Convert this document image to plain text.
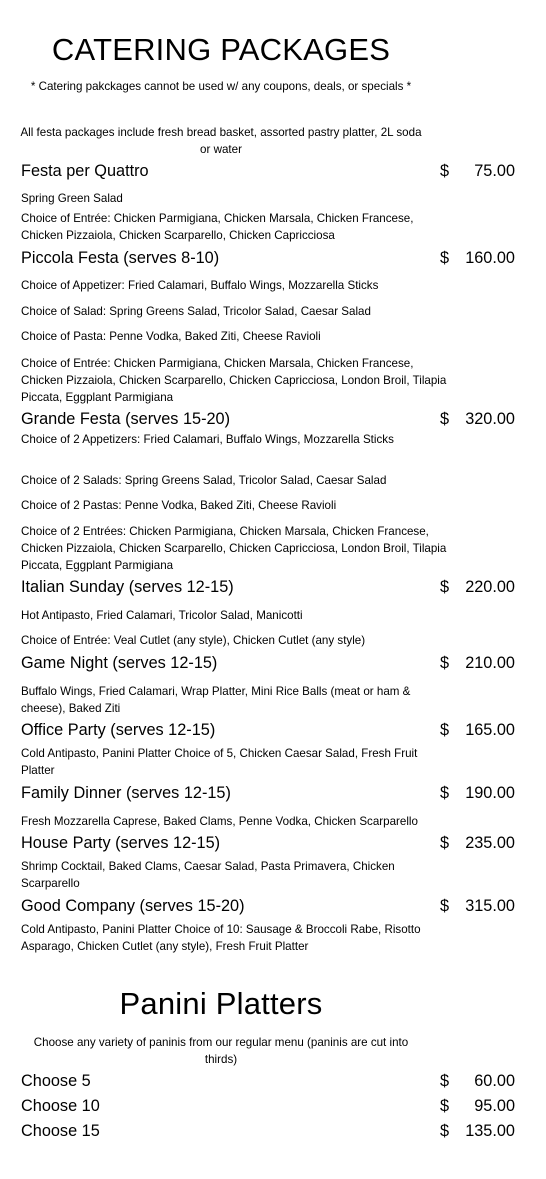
CATERING PACKAGES
* Catering pakckages cannot be used w/ any coupons, deals, or specials *
All festa packages include fresh bread basket, assorted pastry platter, 2L soda or water
Festa per Quattro	$ 75.00
Spring Green Salad
Choice of Entrée: Chicken Parmigiana, Chicken Marsala, Chicken Francese, Chicken Pizzaiola, Chicken Scarparello, Chicken Capricciosa
Piccola Festa (serves 8-10)	$ 160.00
Choice of Appetizer: Fried Calamari, Buffalo Wings, Mozzarella Sticks
Choice of Salad: Spring Greens Salad, Tricolor Salad, Caesar Salad
Choice of Pasta: Penne Vodka, Baked Ziti, Cheese Ravioli
Choice of Entrée: Chicken Parmigiana, Chicken Marsala, Chicken Francese, Chicken Pizzaiola, Chicken Scarparello, Chicken Capricciosa, London Broil, Tilapia Piccata, Eggplant Parmigiana
Grande Festa (serves 15-20)	$ 320.00
Choice of 2 Appetizers: Fried Calamari, Buffalo Wings, Mozzarella Sticks
Choice of 2 Salads: Spring Greens Salad, Tricolor Salad, Caesar Salad
Choice of 2 Pastas: Penne Vodka, Baked Ziti, Cheese Ravioli
Choice of 2 Entrées: Chicken Parmigiana, Chicken Marsala, Chicken Francese, Chicken Pizzaiola, Chicken Scarparello, Chicken Capricciosa, London Broil, Tilapia Piccata, Eggplant Parmigiana
Italian Sunday (serves 12-15)	$ 220.00
Hot Antipasto, Fried Calamari, Tricolor Salad, Manicotti
Choice of Entrée: Veal Cutlet (any style), Chicken Cutlet (any style)
Game Night (serves 12-15)	$ 210.00
Buffalo Wings, Fried Calamari, Wrap Platter, Mini Rice Balls (meat or ham & cheese), Baked Ziti
Office Party (serves 12-15)	$ 165.00
Cold Antipasto, Panini Platter Choice of 5, Chicken Caesar Salad, Fresh Fruit Platter
Family Dinner (serves 12-15)	$ 190.00
Fresh Mozzarella Caprese, Baked Clams, Penne Vodka, Chicken Scarparello
House Party (serves 12-15)	$ 235.00
Shrimp Cocktail, Baked Clams, Caesar Salad, Pasta Primavera, Chicken Scarparello
Good Company (serves 15-20)	$ 315.00
Cold Antipasto, Panini Platter Choice of 10: Sausage & Broccoli Rabe, Risotto Asparago, Chicken Cutlet (any style), Fresh Fruit Platter
Panini Platters
Choose any variety of paninis from our regular menu (paninis are cut into thirds)
Choose 5	$ 60.00
Choose 10	$ 95.00
Choose 15	$ 135.00
